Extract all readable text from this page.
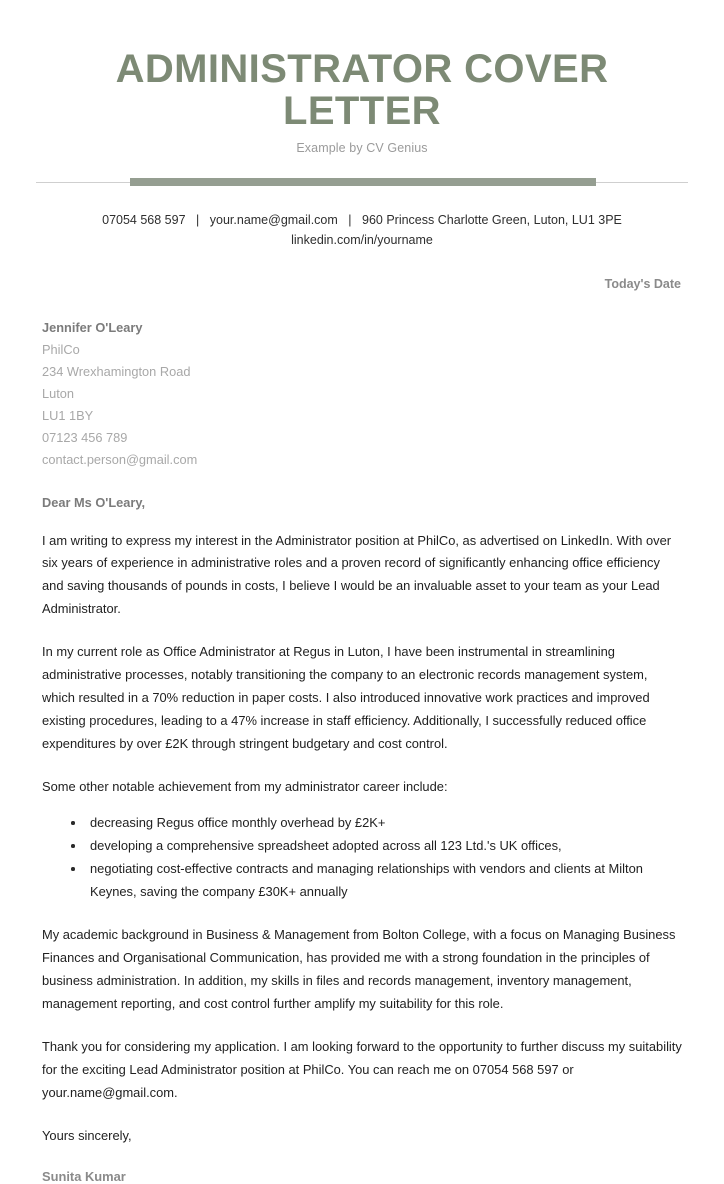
ADMINISTRATOR COVER LETTER
Example by CV Genius
07054 568 597 | your.name@gmail.com | 960 Princess Charlotte Green, Luton, LU1 3PE
linkedin.com/in/yourname
Today's Date
Jennifer O'Leary
PhilCo
234 Wrexhamington Road
Luton
LU1 1BY
07123 456 789
contact.person@gmail.com
Dear Ms O'Leary,

I am writing to express my interest in the Administrator position at PhilCo, as advertised on LinkedIn. With over six years of experience in administrative roles and a proven record of significantly enhancing office efficiency and saving thousands of pounds in costs, I believe I would be an invaluable asset to your team as your Lead Administrator.

In my current role as Office Administrator at Regus in Luton, I have been instrumental in streamlining administrative processes, notably transitioning the company to an electronic records management system, which resulted in a 70% reduction in paper costs. I also introduced innovative work practices and improved existing procedures, leading to a 47% increase in staff efficiency. Additionally, I successfully reduced office expenditures by over £2K through stringent budgetary and cost control.

Some other notable achievement from my administrator career include:

decreasing Regus office monthly overhead by £2K+
developing a comprehensive spreadsheet adopted across all 123 Ltd.'s UK offices,
negotiating cost-effective contracts and managing relationships with vendors and clients at Milton Keynes, saving the company £30K+ annually

My academic background in Business & Management from Bolton College, with a focus on Managing Business Finances and Organisational Communication, has provided me with a strong foundation in the principles of business administration. In addition, my skills in files and records management, inventory management, management reporting, and cost control further amplify my suitability for this role.

Thank you for considering my application. I am looking forward to the opportunity to further discuss my suitability for the exciting Lead Administrator position at PhilCo. You can reach me on 07054 568 597 or your.name@gmail.com.

Yours sincerely,
Sunita Kumar
